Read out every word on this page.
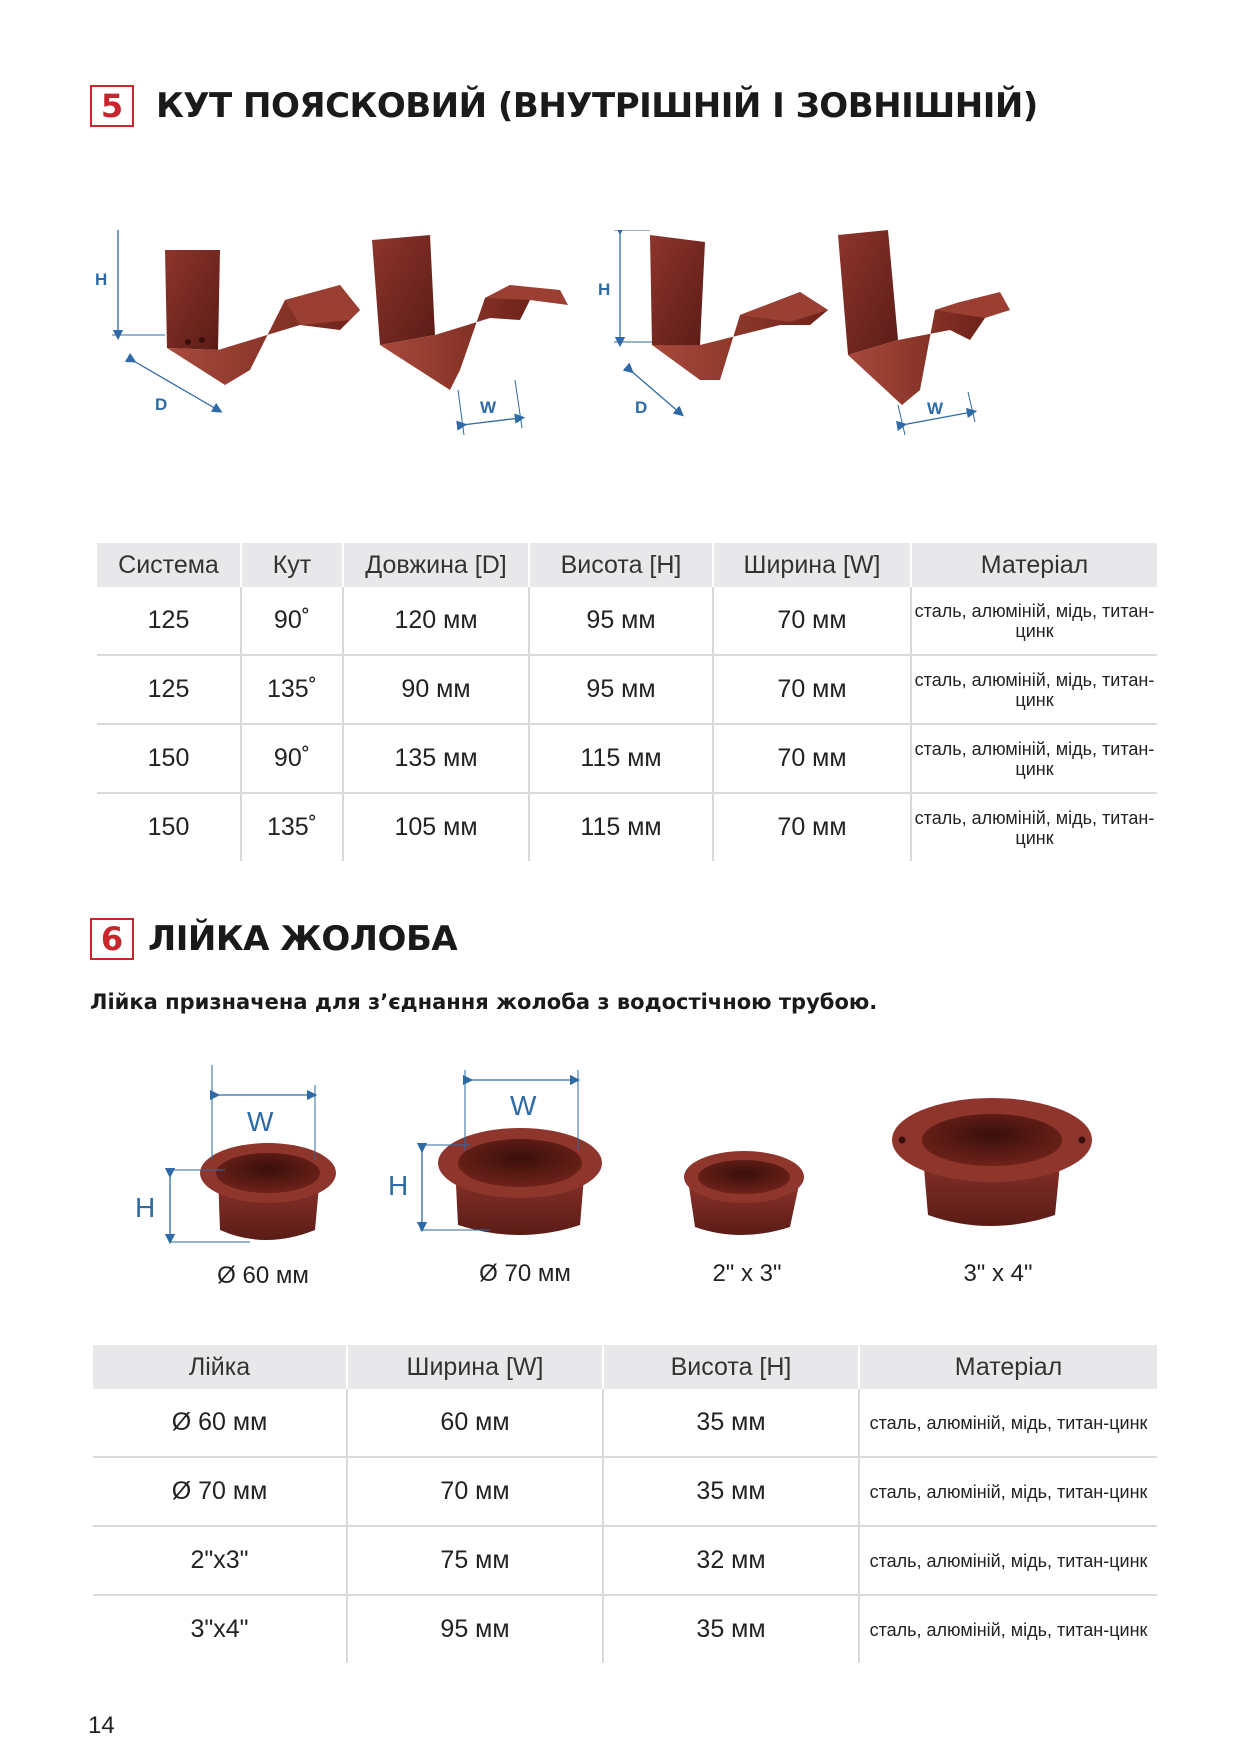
5 КУТ ПОЯСКОВИЙ (ВНУТРІШНІЙ І ЗОВНІШНІЙ)
H
D	W
H
D	W
Система	Кут	Довжина [D]	Висота [H]	Ширина [W]	Матеріал
125	90˚	120 мм	95 мм	70 мм	сталь, алюміній, мідь, титан-цинк
125	135˚	90 мм	95 мм	70 мм	сталь, алюміній, мідь, титан-цинк
150	90˚	135 мм	115 мм	70 мм	сталь, алюміній, мідь, титан-цинк
150	135˚	105 мм	115 мм	70 мм	сталь, алюміній, мідь, титан-цинк
6 ЛІЙКА ЖОЛОБА
Лійка призначена для з’єднання жолоба з водостічною трубою.
W
H
Ø 60 мм
W
H
Ø 70 мм	2" x 3"	3" x 4"
Лійка	Ширина [W]	Висота [H]	Матеріал
Ø 60 мм	60 мм	35 мм	сталь, алюміній, мідь, титан-цинк
Ø 70 мм	70 мм	35 мм	сталь, алюміній, мідь, титан-цинк
2"x3"	75 мм	32 мм	сталь, алюміній, мідь, титан-цинк
3"x4"	95 мм	35 мм	сталь, алюміній, мідь, титан-цинк
14
